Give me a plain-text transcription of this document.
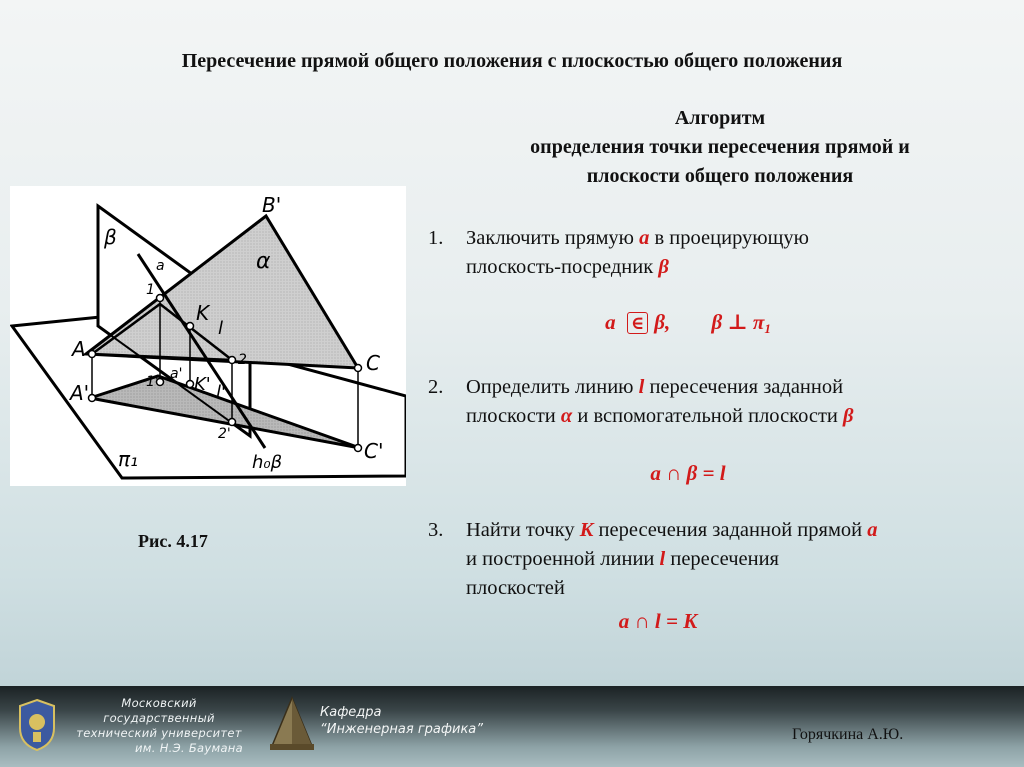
Пересечение прямой общего положения с плоскостью общего положения
Алгоритм
определения точки пересечения прямой и
плоскости общего положения
β
α
B'
a
1
K
l
A
a'
2	C
A'	1' K' l'
2'
C'
π₁	h₀β
Рис. 4.17
1. Заключить прямую a в проецирующую
плоскость-посредник β
a ∈ β, β ⊥ $\pi_1$
2. Определить линию l пересечения заданной
плоскости α и вспомогательной плоскости β
a ∩ β = l
3. Найти точку K пересечения заданной прямой a
и построенной линии l пересечения
плоскостей
a ∩ l = K
Московский государственный
технический университет
им. Н.Э. Баумана
Кафедра
“Инженерная графика”	Горячкина А.Ю.
